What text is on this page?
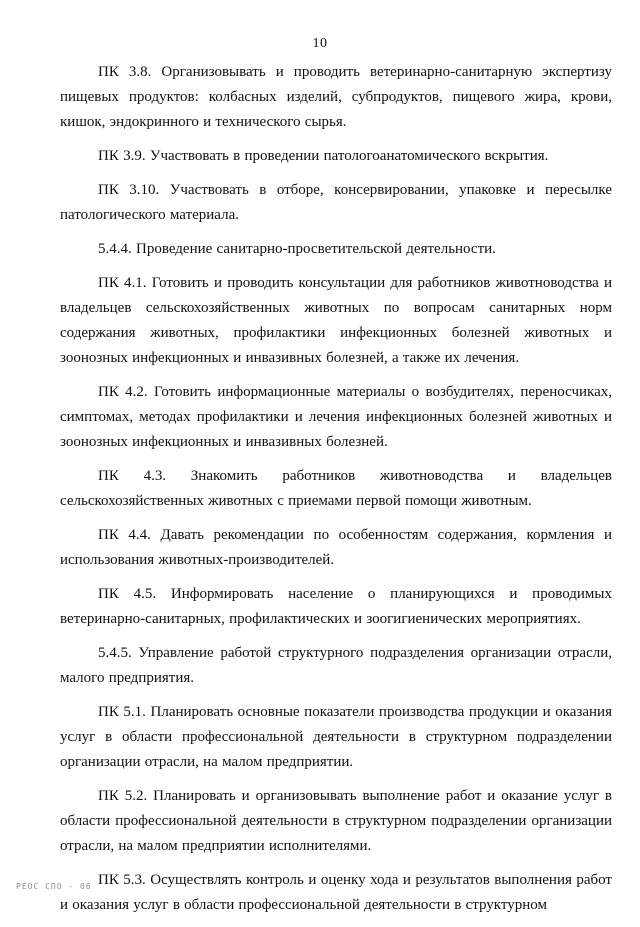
10

ПК 3.8. Организовывать и проводить ветеринарно-санитарную экспертизу пищевых продуктов: колбасных изделий, субпродуктов, пищевого жира, крови, кишок, эндокринного и технического сырья.

ПК 3.9. Участвовать в проведении патологоанатомического вскрытия.

ПК 3.10. Участвовать в отборе, консервировании, упаковке и пересылке патологического материала.

5.4.4. Проведение санитарно-просветительской деятельности.

ПК 4.1. Готовить и проводить консультации для работников животноводства и владельцев сельскохозяйственных животных по вопросам санитарных норм содержания животных, профилактики инфекционных болезней животных и зоонозных инфекционных и инвазивных болезней, а также их лечения.

ПК 4.2. Готовить информационные материалы о возбудителях, переносчиках, симптомах, методах профилактики и лечения инфекционных болезней животных и зоонозных инфекционных и инвазивных болезней.

ПК 4.3. Знакомить работников животноводства и владельцев сельскохозяйственных животных с приемами первой помощи животным.

ПК 4.4. Давать рекомендации по особенностям содержания, кормления и использования животных-производителей.

ПК 4.5. Информировать население о планирующихся и проводимых ветеринарно-санитарных, профилактических и зоогигиенических мероприятиях.

5.4.5. Управление работой структурного подразделения организации отрасли, малого предприятия.

ПК 5.1. Планировать основные показатели производства продукции и оказания услуг в области профессиональной деятельности в структурном подразделении организации отрасли, на малом предприятии.

ПК 5.2. Планировать и организовывать выполнение работ и оказание услуг в области профессиональной деятельности в структурном подразделении организации отрасли, на малом предприятии исполнителями.

ПК 5.3. Осуществлять контроль и оценку хода и результатов выполнения работ и оказания услуг в области профессиональной деятельности в структурном

РЕОС СПО - 06
